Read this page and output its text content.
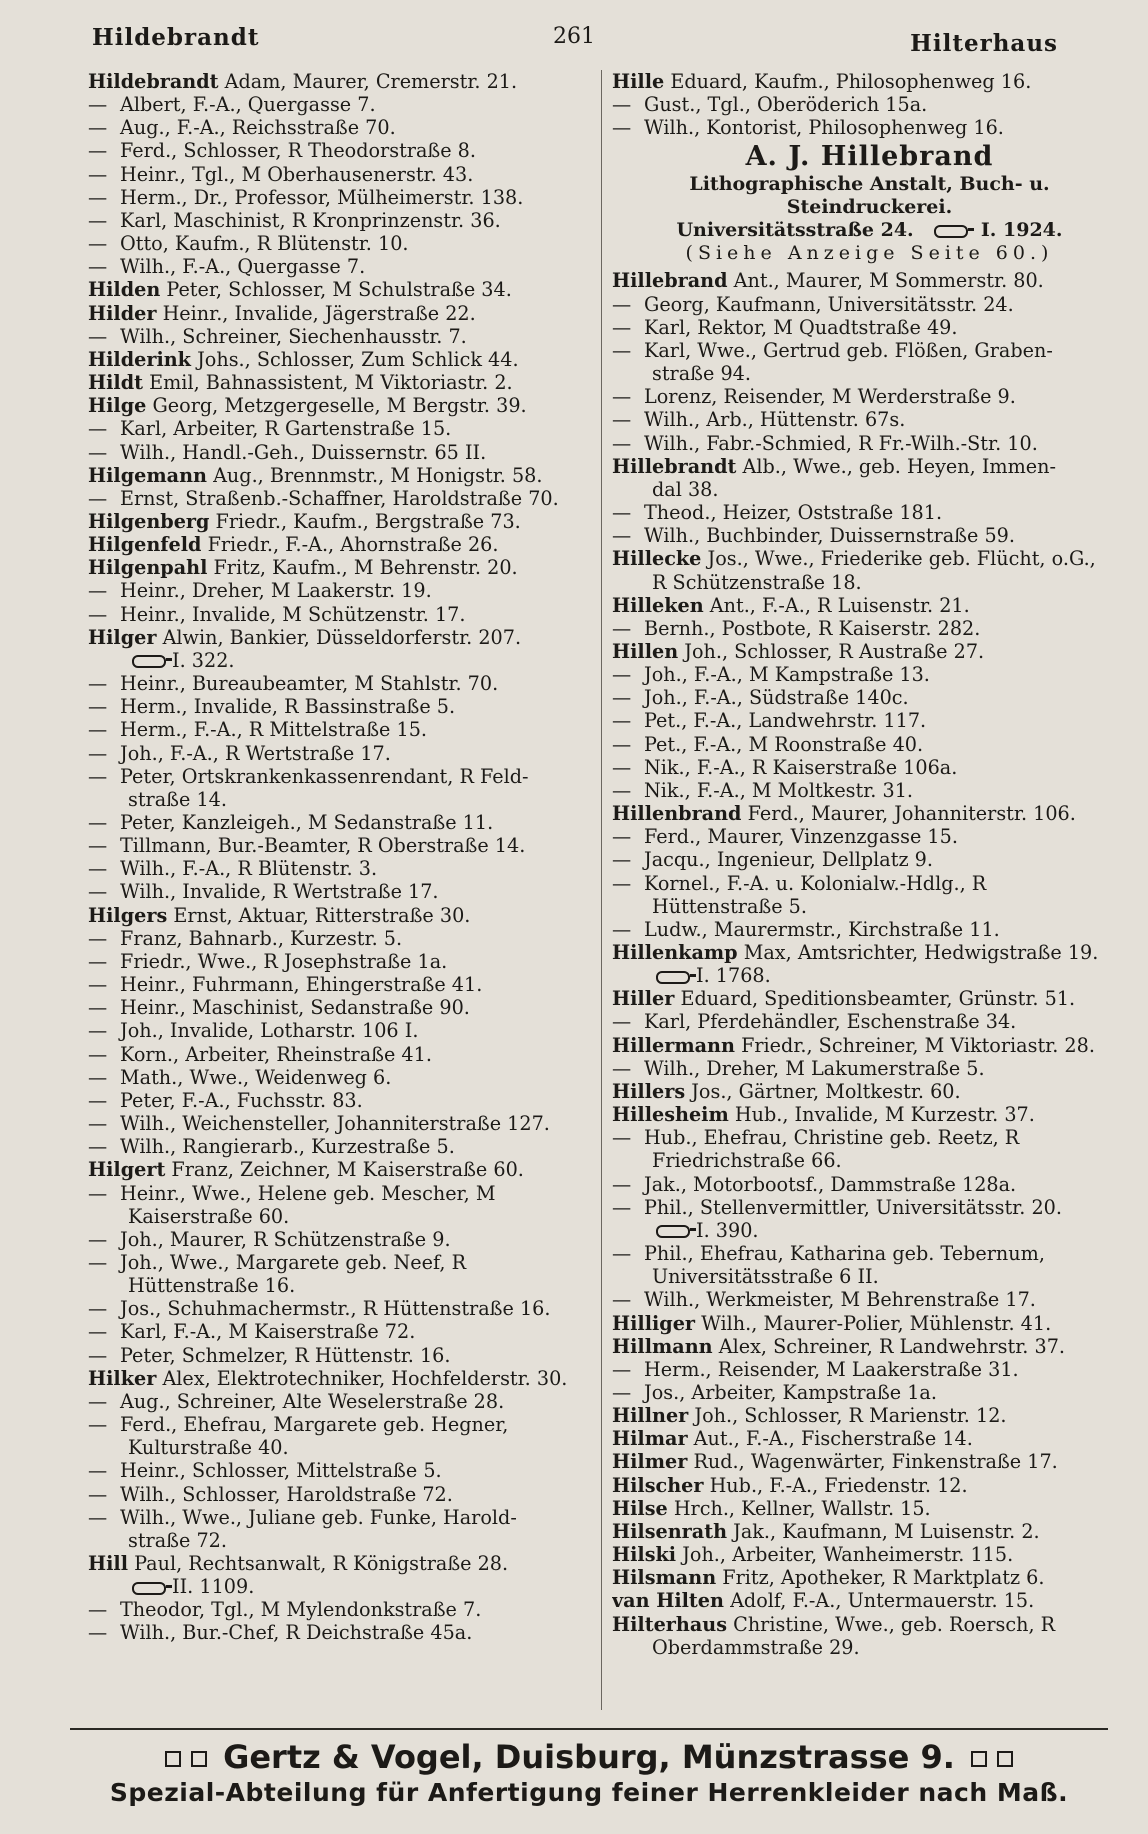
Hildebrandt	261	Hilterhaus
Hildebrandt Adam, Maurer, Cremerstr. 21.
— Albert, F.-A., Quergasse 7.
— Aug., F.-A., Reichsstraße 70.
— Ferd., Schlosser, R Theodorstraße 8.
— Heinr., Tgl., M Oberhausenerstr. 43.
— Herm., Dr., Professor, Mülheimerstr. 138.
— Karl, Maschinist, R Kronprinzenstr. 36.
— Otto, Kaufm., R Blütenstr. 10.
— Wilh., F.-A., Quergasse 7.
Hilden Peter, Schlosser, M Schulstraße 34.
Hilder Heinr., Invalide, Jägerstraße 22.
— Wilh., Schreiner, Siechenhausstr. 7.
Hilderink Johs., Schlosser, Zum Schlick 44.
Hildt Emil, Bahnassistent, M Viktoriastr. 2.
Hilge Georg, Metzgergeselle, M Bergstr. 39.
— Karl, Arbeiter, R Gartenstraße 15.
— Wilh., Handl.-Geh., Duissernstr. 65 II.
Hilgemann Aug., Brennmstr., M Honigstr. 58.
— Ernst, Straßenb.-Schaffner, Haroldstraße 70.
Hilgenberg Friedr., Kaufm., Bergstraße 73.
Hilgenfeld Friedr., F.-A., Ahornstraße 26.
Hilgenpahl Fritz, Kaufm., M Behrenstr. 20.
— Heinr., Dreher, M Laakerstr. 19.
— Heinr., Invalide, M Schützenstr. 17.
Hilger Alwin, Bankier, Düsseldorferstr. 207.
I. 322.
— Heinr., Bureaubeamter, M Stahlstr. 70.
— Herm., Invalide, R Bassinstraße 5.
— Herm., F.-A., R Mittelstraße 15.
— Joh., F.-A., R Wertstraße 17.
— Peter, Ortskrankenkassenrendant, R Feld-
straße 14.
— Peter, Kanzleigeh., M Sedanstraße 11.
— Tillmann, Bur.-Beamter, R Oberstraße 14.
— Wilh., F.-A., R Blütenstr. 3.
— Wilh., Invalide, R Wertstraße 17.
Hilgers Ernst, Aktuar, Ritterstraße 30.
— Franz, Bahnarb., Kurzestr. 5.
— Friedr., Wwe., R Josephstraße 1a.
— Heinr., Fuhrmann, Ehingerstraße 41.
— Heinr., Maschinist, Sedanstraße 90.
— Joh., Invalide, Lotharstr. 106 I.
— Korn., Arbeiter, Rheinstraße 41.
— Math., Wwe., Weidenweg 6.
— Peter, F.-A., Fuchsstr. 83.
— Wilh., Weichensteller, Johanniterstraße 127.
— Wilh., Rangierarb., Kurzestraße 5.
Hilgert Franz, Zeichner, M Kaiserstraße 60.
— Heinr., Wwe., Helene geb. Mescher, M
Kaiserstraße 60.
— Joh., Maurer, R Schützenstraße 9.
— Joh., Wwe., Margarete geb. Neef, R
Hüttenstraße 16.
— Jos., Schuhmachermstr., R Hüttenstraße 16.
— Karl, F.-A., M Kaiserstraße 72.
— Peter, Schmelzer, R Hüttenstr. 16.
Hilker Alex, Elektrotechniker, Hochfelderstr. 30.
— Aug., Schreiner, Alte Weselerstraße 28.
— Ferd., Ehefrau, Margarete geb. Hegner,
Kulturstraße 40.
— Heinr., Schlosser, Mittelstraße 5.
— Wilh., Schlosser, Haroldstraße 72.
— Wilh., Wwe., Juliane geb. Funke, Harold-
straße 72.
Hill Paul, Rechtsanwalt, R Königstraße 28.
II. 1109.
— Theodor, Tgl., M Mylendonkstraße 7.
— Wilh., Bur.-Chef, R Deichstraße 45a.
Hille Eduard, Kaufm., Philosophenweg 16.
— Gust., Tgl., Oberöderich 15a.
— Wilh., Kontorist, Philosophenweg 16.
A. J. Hillebrand
Lithographische Anstalt, Buch- u. Steindruckerei.
Universitätsstraße 24.	I. 1924.
(Siehe Anzeige Seite 60.)
Hillebrand Ant., Maurer, M Sommerstr. 80.
— Georg, Kaufmann, Universitätsstr. 24.
— Karl, Rektor, M Quadtstraße 49.
— Karl, Wwe., Gertrud geb. Flößen, Graben-
straße 94.
— Lorenz, Reisender, M Werderstraße 9.
— Wilh., Arb., Hüttenstr. 67s.
— Wilh., Fabr.-Schmied, R Fr.-Wilh.-Str. 10.
Hillebrandt Alb., Wwe., geb. Heyen, Immen-
dal 38.
— Theod., Heizer, Oststraße 181.
— Wilh., Buchbinder, Duissernstraße 59.
Hillecke Jos., Wwe., Friederike geb. Flücht, o.G.,
R Schützenstraße 18.
Hilleken Ant., F.-A., R Luisenstr. 21.
— Bernh., Postbote, R Kaiserstr. 282.
Hillen Joh., Schlosser, R Austraße 27.
— Joh., F.-A., M Kampstraße 13.
— Joh., F.-A., Südstraße 140c.
— Pet., F.-A., Landwehrstr. 117.
— Pet., F.-A., M Roonstraße 40.
— Nik., F.-A., R Kaiserstraße 106a.
— Nik., F.-A., M Moltkestr. 31.
Hillenbrand Ferd., Maurer, Johanniterstr. 106.
— Ferd., Maurer, Vinzenzgasse 15.
— Jacqu., Ingenieur, Dellplatz 9.
— Kornel., F.-A. u. Kolonialw.-Hdlg., R
Hüttenstraße 5.
— Ludw., Maurermstr., Kirchstraße 11.
Hillenkamp Max, Amtsrichter, Hedwigstraße 19.
I. 1768.
Hiller Eduard, Speditionsbeamter, Grünstr. 51.
— Karl, Pferdehändler, Eschenstraße 34.
Hillermann Friedr., Schreiner, M Viktoriastr. 28.
— Wilh., Dreher, M Lakumerstraße 5.
Hillers Jos., Gärtner, Moltkestr. 60.
Hillesheim Hub., Invalide, M Kurzestr. 37.
— Hub., Ehefrau, Christine geb. Reetz, R
Friedrichstraße 66.
— Jak., Motorbootsf., Dammstraße 128a.
— Phil., Stellenvermittler, Universitätsstr. 20.
I. 390.
— Phil., Ehefrau, Katharina geb. Tebernum,
Universitätsstraße 6 II.
— Wilh., Werkmeister, M Behrenstraße 17.
Hilliger Wilh., Maurer-Polier, Mühlenstr. 41.
Hillmann Alex, Schreiner, R Landwehrstr. 37.
— Herm., Reisender, M Laakerstraße 31.
— Jos., Arbeiter, Kampstraße 1a.
Hillner Joh., Schlosser, R Marienstr. 12.
Hilmar Aut., F.-A., Fischerstraße 14.
Hilmer Rud., Wagenwärter, Finkenstraße 17.
Hilscher Hub., F.-A., Friedenstr. 12.
Hilse Hrch., Kellner, Wallstr. 15.
Hilsenrath Jak., Kaufmann, M Luisenstr. 2.
Hilski Joh., Arbeiter, Wanheimerstr. 115.
Hilsmann Fritz, Apotheker, R Marktplatz 6.
van Hilten Adolf, F.-A., Untermauerstr. 15.
Hilterhaus Christine, Wwe., geb. Roersch, R
Oberdammstraße 29.
Gertz & Vogel, Duisburg, Münzstrasse 9.
Spezial-Abteilung für Anfertigung feiner Herrenkleider nach Maß.
